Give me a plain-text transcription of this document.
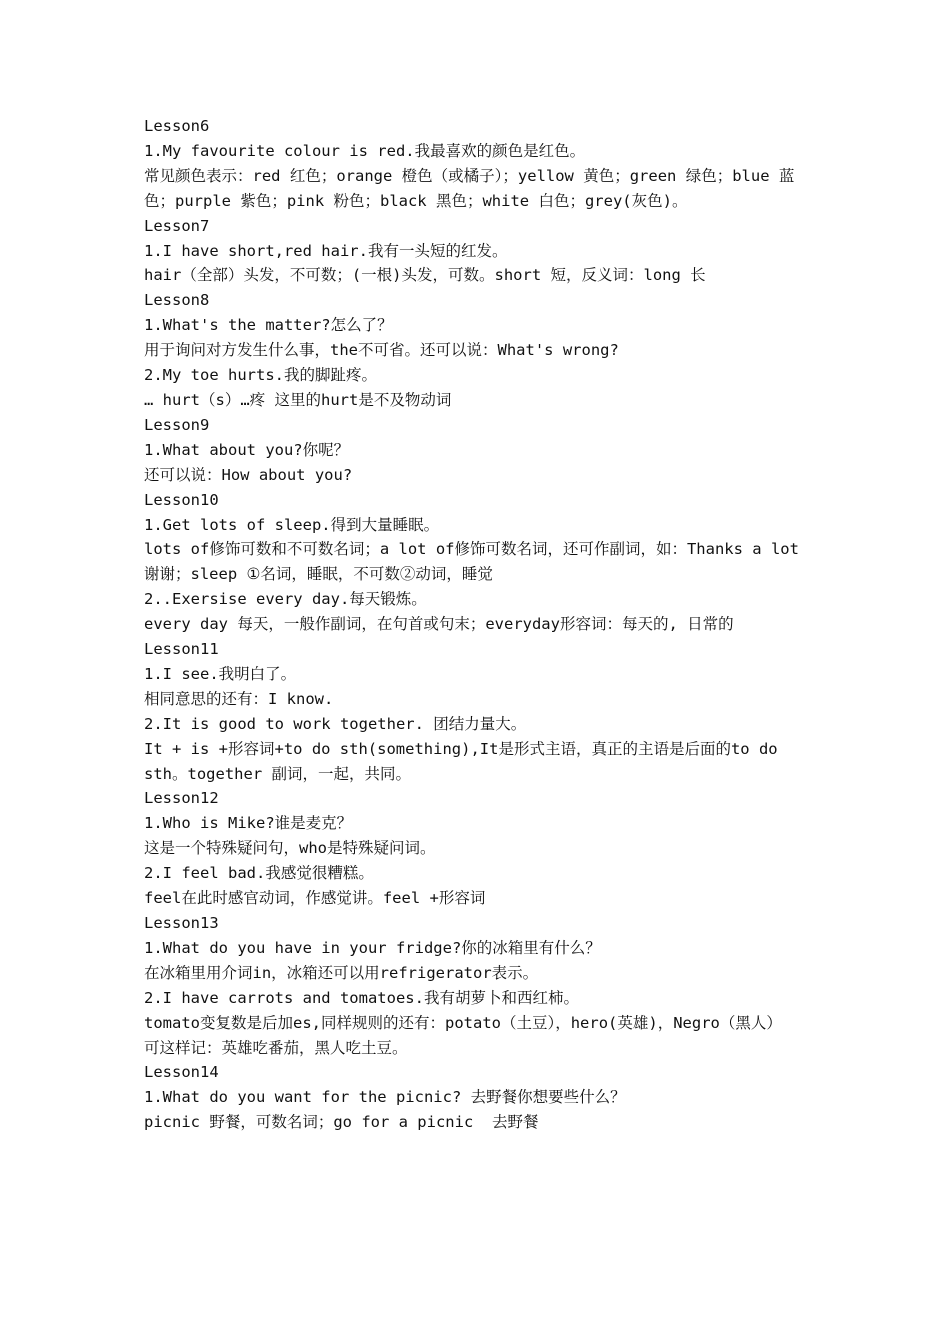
Lesson6
1.My favourite colour is red.我最喜欢的颜色是红色。
常见颜色表示：red 红色；orange 橙色（或橘子）；yellow 黄色；green 绿色；blue 蓝色；purple 紫色；pink 粉色；black 黑色；white 白色；grey(灰色)。
Lesson7
1.I have short,red hair.我有一头短的红发。
hair（全部）头发，不可数；(一根)头发，可数。short 短，反义词：long 长
Lesson8
1.What's the matter?怎么了？
用于询问对方发生什么事，the不可省。还可以说：What's wrong?
2.My toe hurts.我的脚趾疼。
… hurt（s）…疼 这里的hurt是不及物动词
Lesson9
1.What about you?你呢？
还可以说：How about you?
Lesson10
1.Get lots of sleep.得到大量睡眠。
lots of修饰可数和不可数名词；a lot of修饰可数名词，还可作副词，如：Thanks a lot 谢谢；sleep ①名词，睡眠，不可数②动词，睡觉
2..Exersise every day.每天锻炼。
every day 每天，一般作副词，在句首或句末；everyday形容词：每天的, 日常的
Lesson11
1.I see.我明白了。
相同意思的还有：I know.
2.It is good to work together. 团结力量大。
It + is +形容词+to do sth(something),It是形式主语，真正的主语是后面的to do
sth。together 副词，一起，共同。
Lesson12
1.Who is Mike?谁是麦克？
这是一个特殊疑问句，who是特殊疑问词。
2.I feel bad.我感觉很糟糕。
feel在此时感官动词，作感觉讲。feel +形容词
Lesson13
1.What do you have in your fridge?你的冰箱里有什么？
在冰箱里用介词in，冰箱还可以用refrigerator表示。
2.I have carrots and tomatoes.我有胡萝卜和西红柿。
tomato变复数是后加es,同样规则的还有：potato（土豆），hero(英雄)，Negro（黑人）
可这样记：英雄吃番茄，黑人吃土豆。
Lesson14
1.What do you want for the picnic? 去野餐你想要些什么？
picnic 野餐，可数名词；go for a picnic  去野餐
